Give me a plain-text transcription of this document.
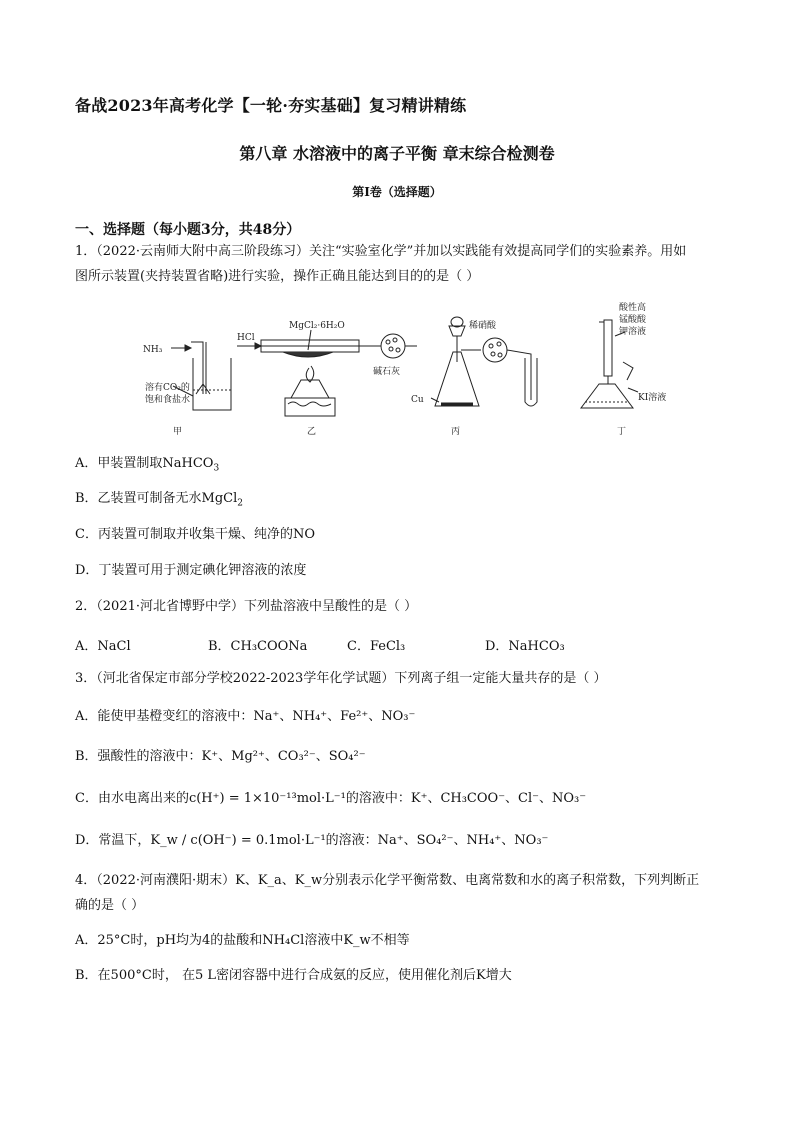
备战2023年高考化学【一轮·夯实基础】复习精讲精练
第八章 水溶液中的离子平衡 章末综合检测卷
第I卷（选择题）
一、选择题（每小题3分，共48分）
1．（2022·云南师大附中高三阶段练习）关注“实验室化学”并加以实践能有效提高同学们的实验素养。用如
图所示装置(夹持装置省略)进行实验，操作正确且能达到目的的是（ ）
NH₃
溶有CO₂的
饱和食盐水
HCl
MgCl₂·6H₂O
碱石灰
稀硝酸
Cu
酸性高
锰酸酸
钾溶液
KI溶液
甲	乙	丙	丁
A．甲装置制取NaHCO$_3$
B．乙装置可制备无水MgCl$_2$
C．丙装置可制取并收集干燥、纯净的NO
D．丁装置可用于测定碘化钾溶液的浓度
2．（2021·河北省博野中学）下列盐溶液中呈酸性的是（ ）
A．NaCl	B．CH₃COONa	C．FeCl₃	D．NaHCO₃
3．（河北省保定市部分学校2022-2023学年化学试题）下列离子组一定能大量共存的是（ ）
A．能使甲基橙变红的溶液中：Na⁺、NH₄⁺、Fe²⁺、NO₃⁻
B．强酸性的溶液中：K⁺、Mg²⁺、CO₃²⁻、SO₄²⁻
C．由水电离出来的c(H⁺) = 1×10⁻¹³mol·L⁻¹的溶液中：K⁺、CH₃COO⁻、Cl⁻、NO₃⁻
D．常温下，K_w / c(OH⁻) = 0.1mol·L⁻¹的溶液：Na⁺、SO₄²⁻、NH₄⁺、NO₃⁻
4．（2022·河南濮阳·期末）K、K_a、K_w分别表示化学平衡常数、电离常数和水的离子积常数，下列判断正
确的是（ ）
A．25°C时，pH均为4的盐酸和NH₄Cl溶液中K_w不相等
B．在500°C时， 在5 L密闭容器中进行合成氨的反应，使用催化剂后K增大
